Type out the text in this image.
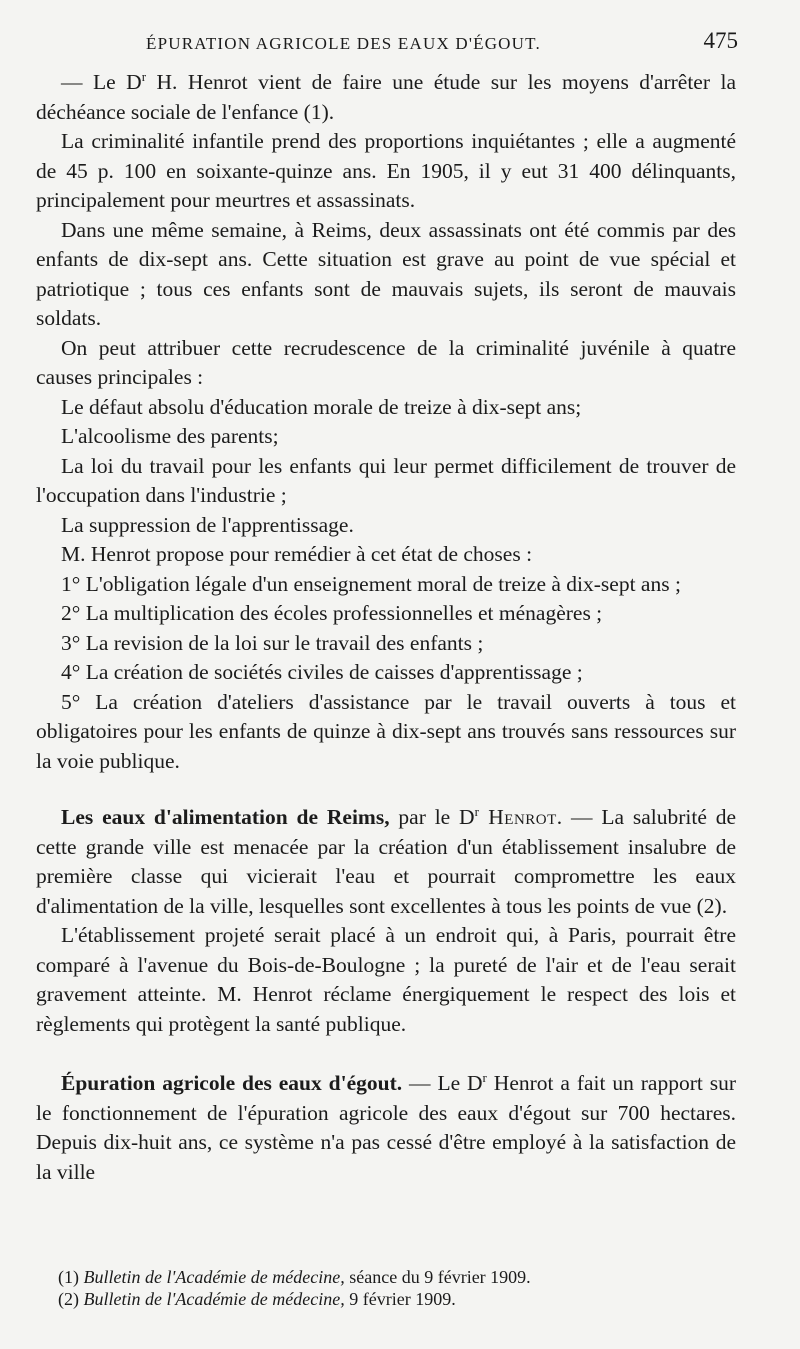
ÉPURATION AGRICOLE DES EAUX D'ÉGOUT.	475

— Le $D^r$ H. Henrot vient de faire une étude sur les moyens d'arrêter la déchéance sociale de l'enfance (1).

La criminalité infantile prend des proportions inquiétantes ; elle a augmenté de 45 p. 100 en soixante-quinze ans. En 1905, il y eut 31 400 délinquants, principalement pour meurtres et assassinats.

Dans une même semaine, à Reims, deux assassinats ont été commis par des enfants de dix-sept ans. Cette situation est grave au point de vue spécial et patriotique ; tous ces enfants sont de mauvais sujets, ils seront de mauvais soldats.

On peut attribuer cette recrudescence de la criminalité juvénile à quatre causes principales :

Le défaut absolu d'éducation morale de treize à dix-sept ans;

L'alcoolisme des parents;

La loi du travail pour les enfants qui leur permet difficilement de trouver de l'occupation dans l'industrie ;

La suppression de l'apprentissage.

M. Henrot propose pour remédier à cet état de choses :

1° L'obligation légale d'un enseignement moral de treize à dix-sept ans ;

2° La multiplication des écoles professionnelles et ménagères ;

3° La revision de la loi sur le travail des enfants ;

4° La création de sociétés civiles de caisses d'apprentissage ;

5° La création d'ateliers d'assistance par le travail ouverts à tous et obligatoires pour les enfants de quinze à dix-sept ans trouvés sans ressources sur la voie publique.

Les eaux d'alimentation de Reims, par le $D^r$ Henrot. — La salubrité de cette grande ville est menacée par la création d'un établissement insalubre de première classe qui vicierait l'eau et pourrait compromettre les eaux d'alimentation de la ville, lesquelles sont excellentes à tous les points de vue (2).

L'établissement projeté serait placé à un endroit qui, à Paris, pourrait être comparé à l'avenue du Bois-de-Boulogne ; la pureté de l'air et de l'eau serait gravement atteinte. M. Henrot réclame énergiquement le respect des lois et règlements qui protègent la santé publique.

Épuration agricole des eaux d'égout. — Le $D^r$ Henrot a fait un rapport sur le fonctionnement de l'épuration agricole des eaux d'égout sur 700 hectares. Depuis dix-huit ans, ce système n'a pas cessé d'être employé à la satisfaction de la ville

(1) Bulletin de l'Académie de médecine, séance du 9 février 1909.

(2) Bulletin de l'Académie de médecine, 9 février 1909.
